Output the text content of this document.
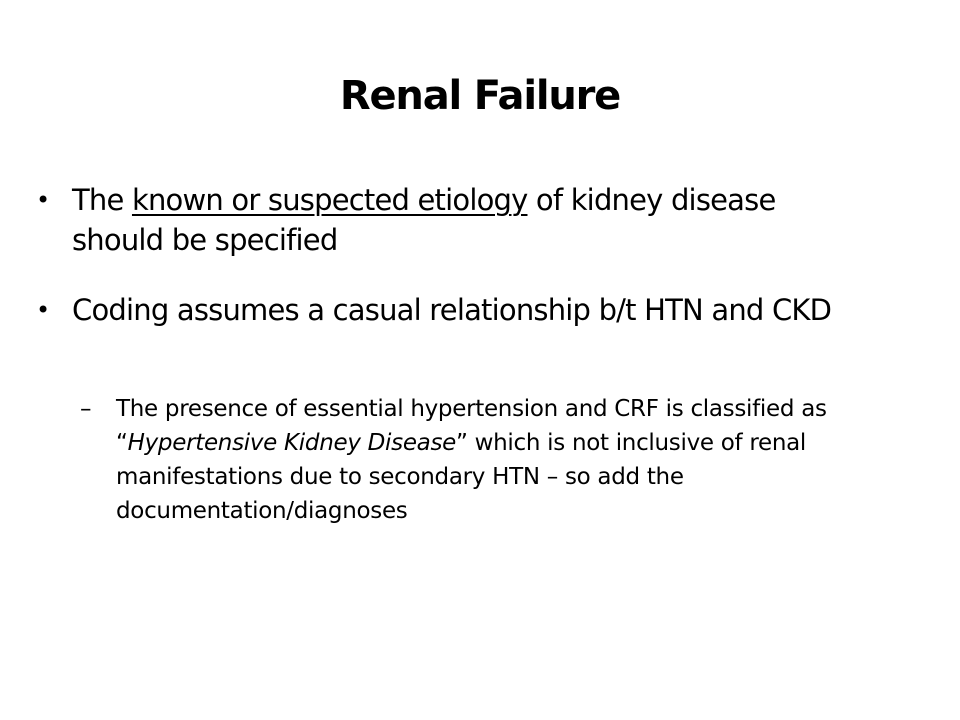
Renal Failure
• The known or suspected etiology of kidney disease should be specified
• Coding assumes a casual relationship b/t HTN and CKD
– The presence of essential hypertension and CRF is classified as “Hypertensive Kidney Disease” which is not inclusive of renal manifestations due to secondary HTN – so add the documentation/diagnoses
